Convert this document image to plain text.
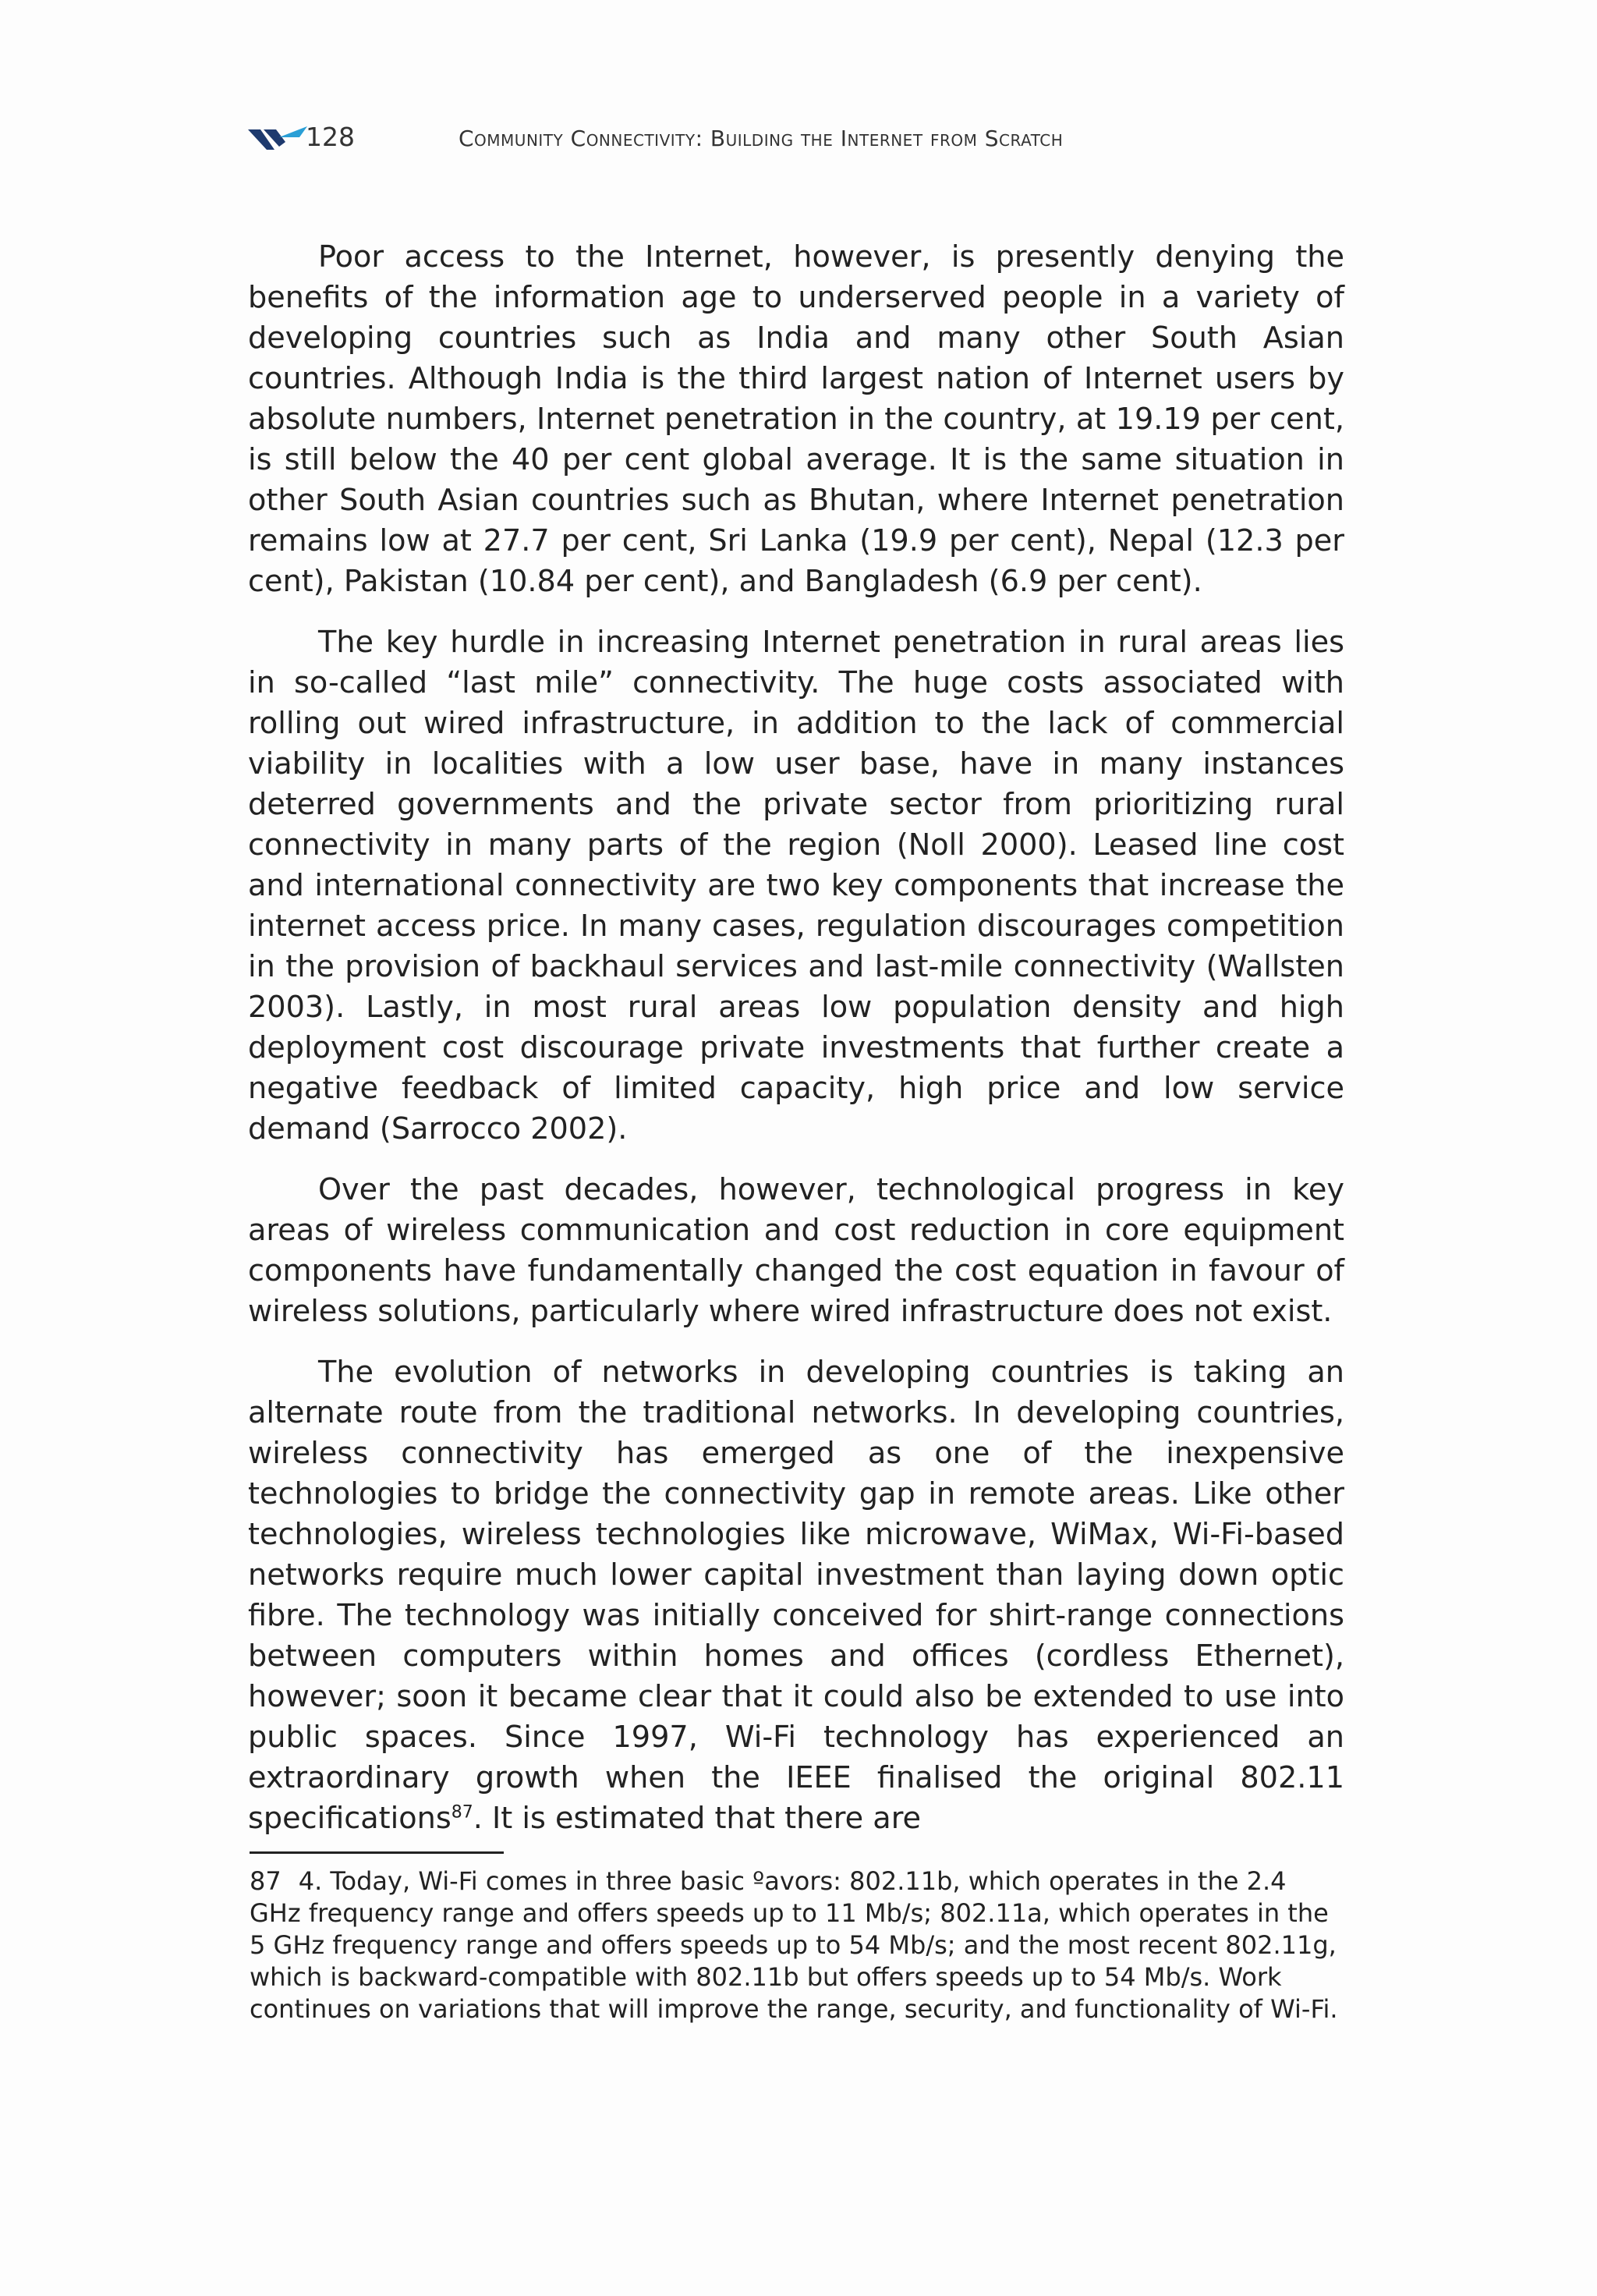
128	Community Connectivity: Building the Internet from Scratch

Poor access to the Internet, however, is presently denying the benefits of the information age to underserved people in a variety of developing countries such as India and many other South Asian countries. Although India is the third largest nation of Internet users by absolute numbers, Internet penetration in the country, at 19.19 per cent, is still below the 40 per cent global average. It is the same situation in other South Asian countries such as Bhutan, where Internet penetration remains low at 27.7 per cent, Sri Lanka (19.9 per cent), Nepal (12.3 per cent), Pakistan (10.84 per cent), and Bangladesh (6.9 per cent).

The key hurdle in increasing Internet penetration in rural areas lies in so-called “last mile” connectivity. The huge costs associated with rolling out wired infrastructure, in addition to the lack of commercial viability in localities with a low user base, have in many instances deterred governments and the private sector from prioritizing rural connectivity in many parts of the region (Noll 2000). Leased line cost and international connectivity are two key components that increase the internet access price. In many cases, regulation discourages competition in the provision of backhaul services and last-mile connectivity (Wallsten 2003). Lastly, in most rural areas low population density and high deployment cost discourage private investments that further create a negative feedback of limited capacity, high price and low service demand (Sarrocco 2002).

Over the past decades, however, technological progress in key areas of wireless communication and cost reduction in core equipment components have fundamentally changed the cost equation in favour of wireless solutions, particularly where wired infrastructure does not exist.

The evolution of networks in developing countries is taking an alternate route from the traditional networks. In developing countries, wireless connectivity has emerged as one of the inexpensive technologies to bridge the connectivity gap in remote areas. Like other technologies, wireless technologies like microwave, WiMax, Wi-Fi-based networks require much lower capital investment than laying down optic fibre. The technology was initially conceived for shirt-range connections between computers within homes and offices (cordless Ethernet), however; soon it became clear that it could also be extended to use into public spaces. Since 1997, Wi-Fi technology has experienced an extraordinary growth when the IEEE finalised the original 802.11 specifications$^{87}$. It is estimated that there are

87 4. Today, Wi-Fi comes in three basic ºavors: 802.11b, which operates in the 2.4 GHz frequency range and offers speeds up to 11 Mb/s; 802.11a, which operates in the 5 GHz frequency range and offers speeds up to 54 Mb/s; and the most recent 802.11g, which is backward-compatible with 802.11b but offers speeds up to 54 Mb/s. Work continues on variations that will improve the range, security, and functionality of Wi-Fi.
